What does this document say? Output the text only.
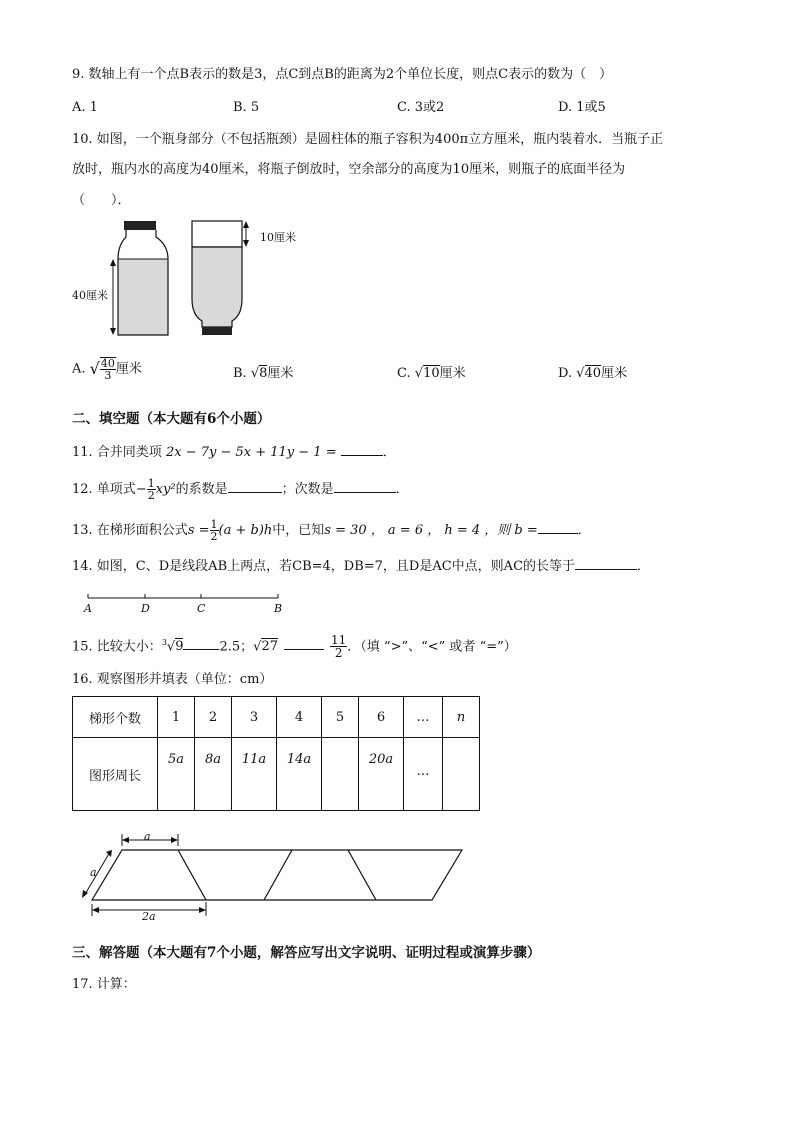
9. 数轴上有一个点B表示的数是3，点C到点B的距离为2个单位长度，则点C表示的数为（　）
A. 1	B. 5	C. 3或2	D. 1或5
10. 如图，一个瓶身部分（不包括瓶颈）是圆柱体的瓶子容积为400π立方厘米，瓶内装着水．当瓶子正
放时，瓶内水的高度为40厘米，将瓶子倒放时，空余部分的高度为10厘米，则瓶子的底面半径为
（　　）．
40厘米
10厘米
A. √ $\frac{40}{3}$ 厘米	B. √8厘米	C. √10厘米	D. √40厘米
二、填空题（本大题有6个小题）
11. 合并同类项 2x − 7y − 5x + 11y − 1 =	．
12. 单项式− $\frac{1}{2} xy^2$的系数是	；次数是	．
13. 在梯形面积公式$s = \frac{1}{2} (a + b)h$中，已知s = 30 ， a = 6 ， h = 4 ，则 b =	．
14. 如图，C、D是线段AB上两点，若CB=4，DB=7，且D是AC中点，则AC的长等于	．
A	D	C	B
15. 比较大小：$^3$√9	2.5；√27	$\frac{11}{2}$ ．（填 “>”、“<” 或者 “=”）
16. 观察图形并填表（单位：cm）
梯形个数	1	2	3	4	5	6	…	n
图形周长	5a	8a	11a	14a		20a	…	

a
a
2a
三、解答题（本大题有7个小题，解答应写出文字说明、证明过程或演算步骤）
17. 计算：
